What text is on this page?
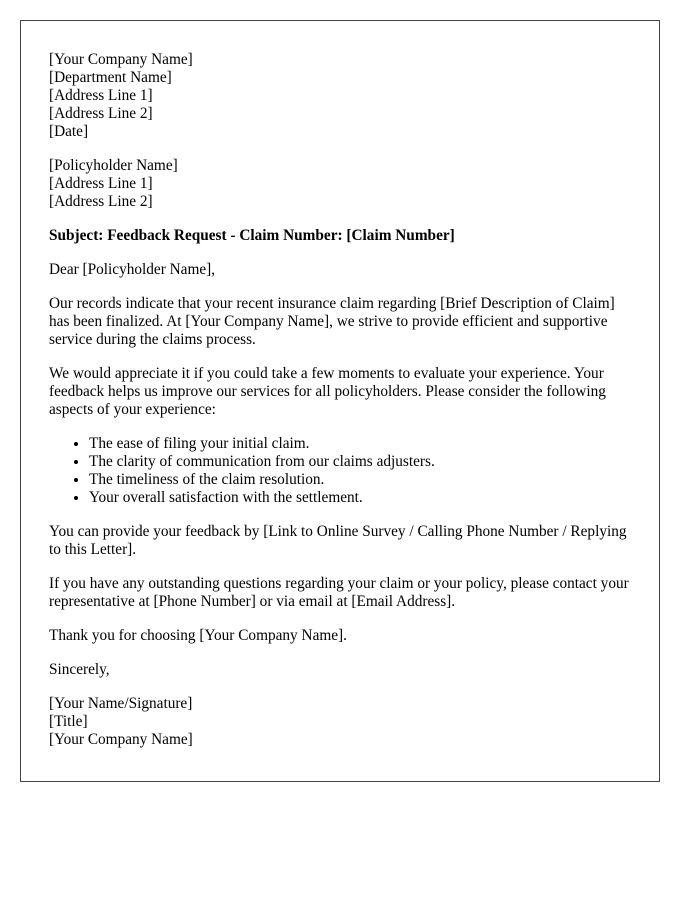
[Your Company Name]
[Department Name]
[Address Line 1]
[Address Line 2]
[Date]
[Policyholder Name]
[Address Line 1]
[Address Line 2]

Subject: Feedback Request - Claim Number: [Claim Number]

Dear [Policyholder Name],

Our records indicate that your recent insurance claim regarding [Brief Description of Claim] has been finalized. At [Your Company Name], we strive to provide efficient and supportive service during the claims process.

We would appreciate it if you could take a few moments to evaluate your experience. Your feedback helps us improve our services for all policyholders. Please consider the following aspects of your experience:

• The ease of filing your initial claim.
• The clarity of communication from our claims adjusters.
• The timeliness of the claim resolution.
• Your overall satisfaction with the settlement.

You can provide your feedback by [Link to Online Survey / Calling Phone Number / Replying to this Letter].

If you have any outstanding questions regarding your claim or your policy, please contact your representative at [Phone Number] or via email at [Email Address].

Thank you for choosing [Your Company Name].

Sincerely,

[Your Name/Signature]
[Title]
[Your Company Name]
